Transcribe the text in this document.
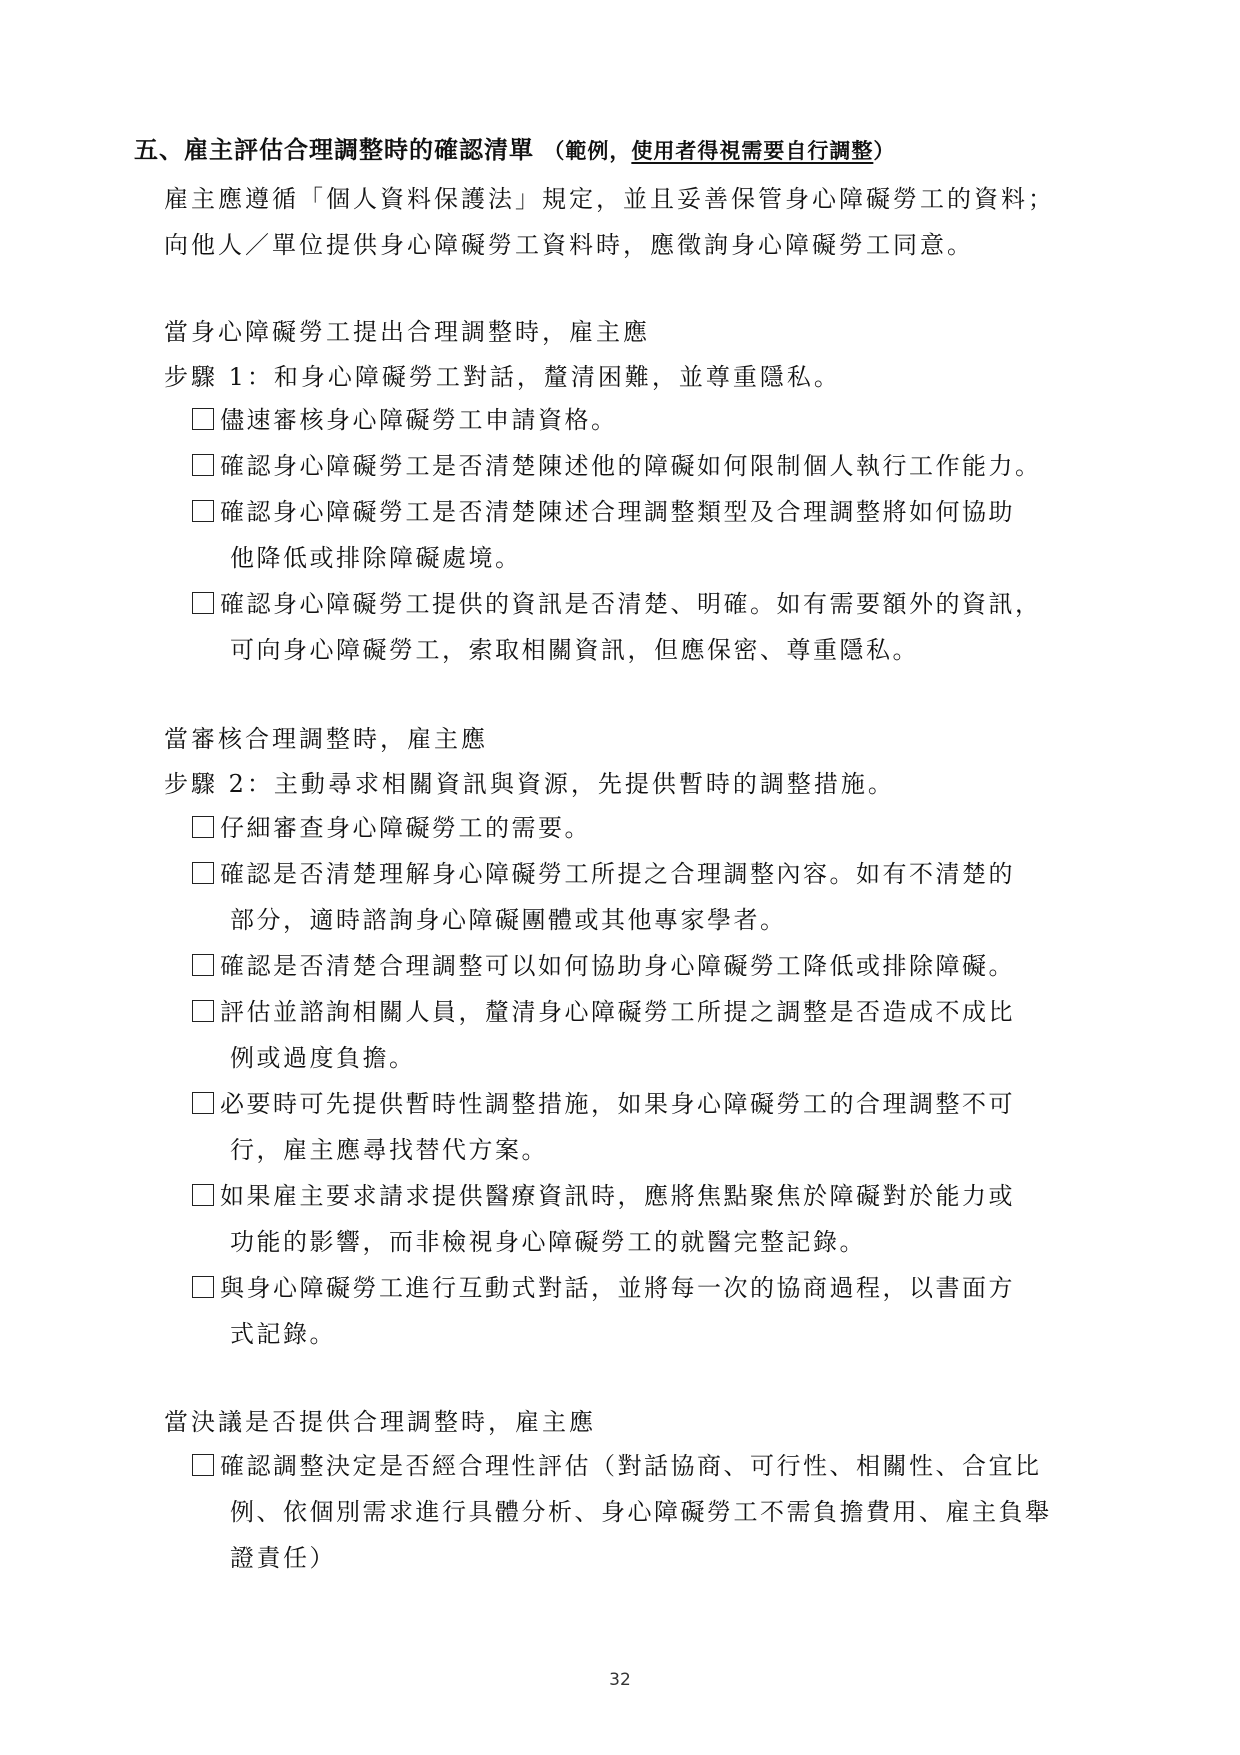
五、雇主評估合理調整時的確認清單 （範例，使用者得視需要自行調整）

雇主應遵循「個人資料保護法」規定，並且妥善保管身心障礙勞工的資料；

向他人／單位提供身心障礙勞工資料時，應徵詢身心障礙勞工同意。

當身心障礙勞工提出合理調整時，雇主應
步驟 1：和身心障礙勞工對話，釐清困難，並尊重隱私。
儘速審核身心障礙勞工申請資格。
確認身心障礙勞工是否清楚陳述他的障礙如何限制個人執行工作能力。
確認身心障礙勞工是否清楚陳述合理調整類型及合理調整將如何協助
他降低或排除障礙處境。
確認身心障礙勞工提供的資訊是否清楚、明確。如有需要額外的資訊，
可向身心障礙勞工，索取相關資訊，但應保密、尊重隱私。
當審核合理調整時，雇主應
步驟 2：主動尋求相關資訊與資源，先提供暫時的調整措施。
仔細審查身心障礙勞工的需要。
確認是否清楚理解身心障礙勞工所提之合理調整內容。如有不清楚的
部分，適時諮詢身心障礙團體或其他專家學者。
確認是否清楚合理調整可以如何協助身心障礙勞工降低或排除障礙。
評估並諮詢相關人員，釐清身心障礙勞工所提之調整是否造成不成比
例或過度負擔。
必要時可先提供暫時性調整措施，如果身心障礙勞工的合理調整不可
行，雇主應尋找替代方案。
如果雇主要求請求提供醫療資訊時，應將焦點聚焦於障礙對於能力或
功能的影響，而非檢視身心障礙勞工的就醫完整記錄。
與身心障礙勞工進行互動式對話，並將每一次的協商過程，以書面方
式記錄。
當決議是否提供合理調整時，雇主應
確認調整決定是否經合理性評估（對話協商、可行性、相關性、合宜比
例、依個別需求進行具體分析、身心障礙勞工不需負擔費用、雇主負舉
證責任）
32
